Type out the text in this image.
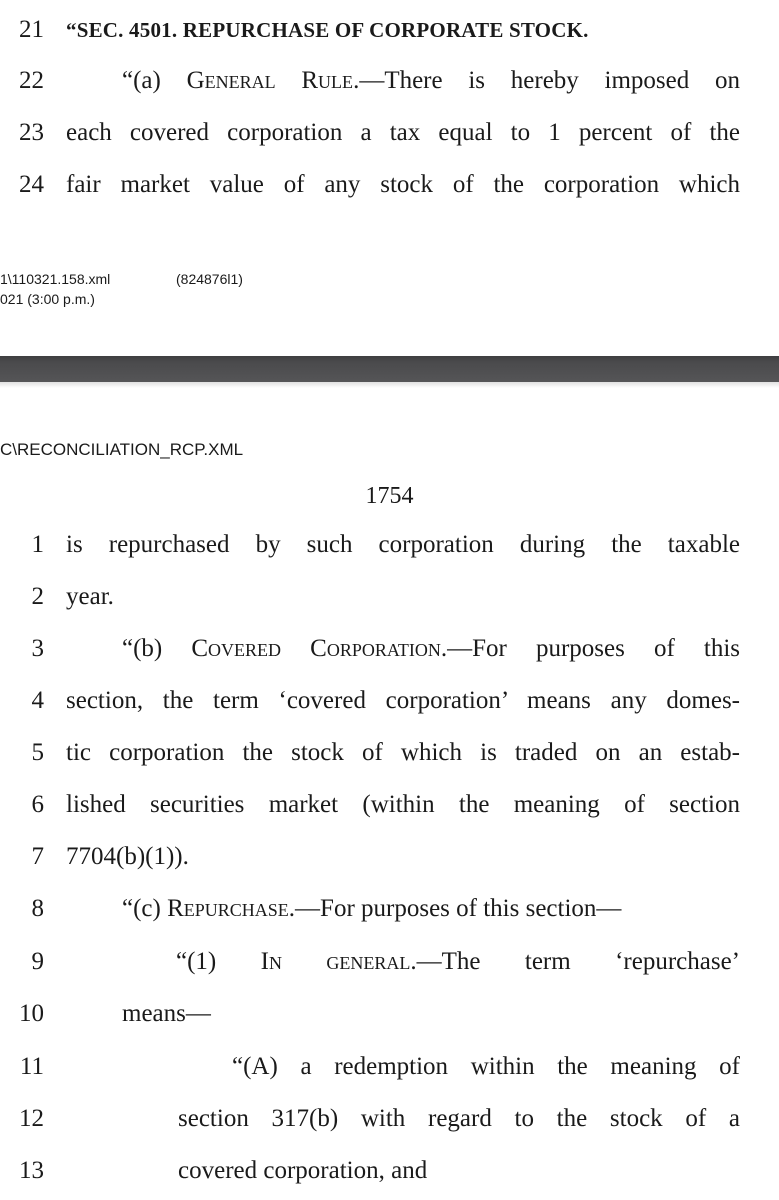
21 “SEC. 4501. REPURCHASE OF CORPORATE STOCK.
22	“(a) General Rule.—There is hereby imposed on
23 each covered corporation a tax equal to 1 percent of the
24 fair market value of any stock of the corporation which
1\110321.158.xml	(824876l1)
021 (3:00 p.m.)
C\RECONCILIATION_RCP.XML
1754
1 is repurchased by such corporation during the taxable
2 year.
3	“(b) Covered Corporation.—For purposes of this
4 section, the term ‘covered corporation’ means any domes-
5 tic corporation the stock of which is traded on an estab-
6 lished securities market (within the meaning of section
7 7704(b)(1)).
8	“(c) Repurchase.—For purposes of this section—
9	“(1) In general.—The term ‘repurchase’
10	means—
11	“(A) a redemption within the meaning of
12	section 317(b) with regard to the stock of a
13	covered corporation, and
